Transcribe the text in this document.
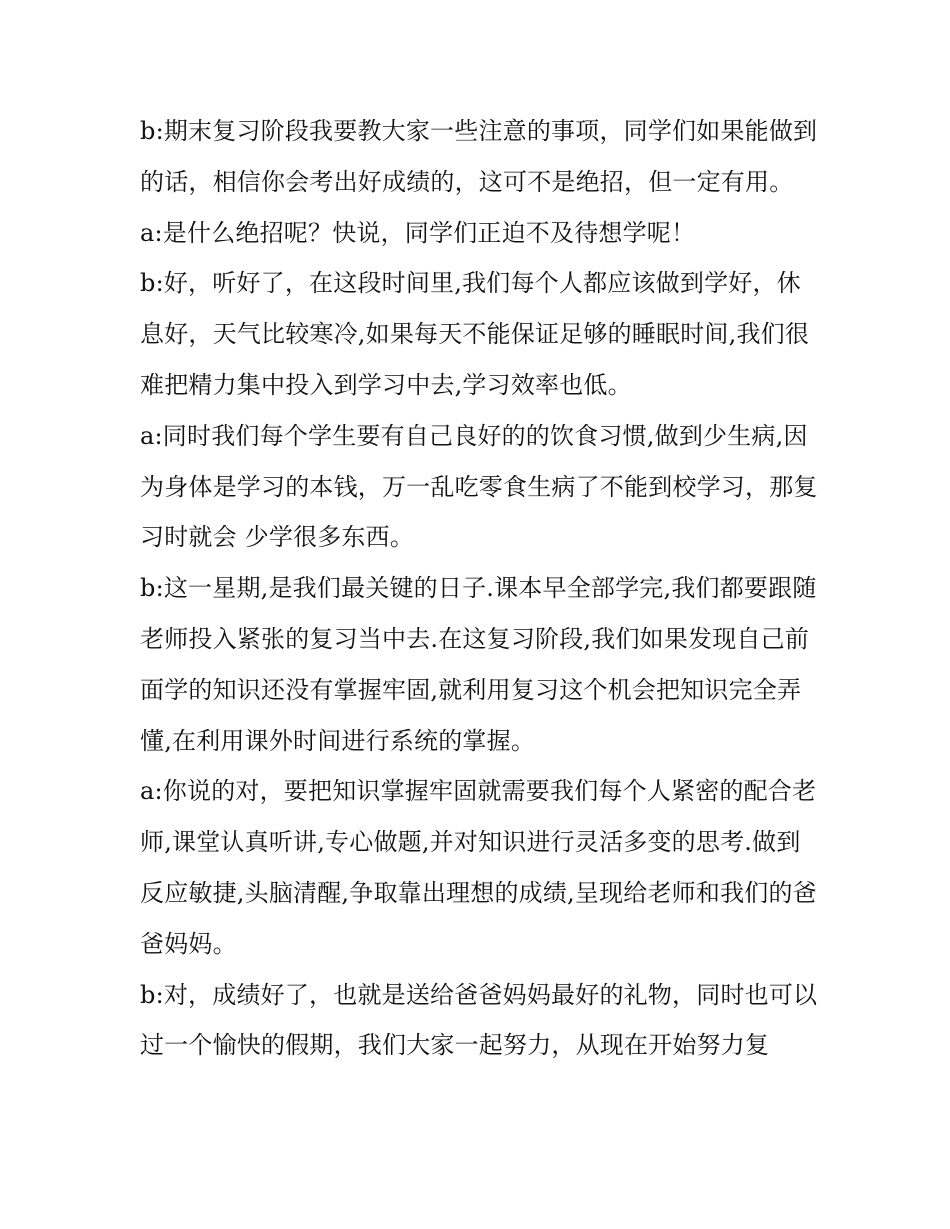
b:期末复习阶段我要教大家一些注意的事项，同学们如果能做到的话，相信你会考出好成绩的，这可不是绝招，但一定有用。

a:是什么绝招呢？快说，同学们正迫不及待想学呢！

b:好，听好了，在这段时间里,我们每个人都应该做到学好，休息好，天气比较寒冷,如果每天不能保证足够的睡眠时间,我们很难把精力集中投入到学习中去,学习效率也低。

a:同时我们每个学生要有自己良好的的饮食习惯,做到少生病,因为身体是学习的本钱，万一乱吃零食生病了不能到校学习，那复习时就会 少学很多东西。

b:这一星期,是我们最关键的日子.课本早全部学完,我们都要跟随老师投入紧张的复习当中去.在这复习阶段,我们如果发现自己前面学的知识还没有掌握牢固,就利用复习这个机会把知识完全弄懂,在利用课外时间进行系统的掌握。

a:你说的对，要把知识掌握牢固就需要我们每个人紧密的配合老师,课堂认真听讲,专心做题,并对知识进行灵活多变的思考.做到反应敏捷,头脑清醒,争取靠出理想的成绩,呈现给老师和我们的爸爸妈妈。

b:对，成绩好了，也就是送给爸爸妈妈最好的礼物，同时也可以过一个愉快的假期，我们大家一起努力，从现在开始努力复
